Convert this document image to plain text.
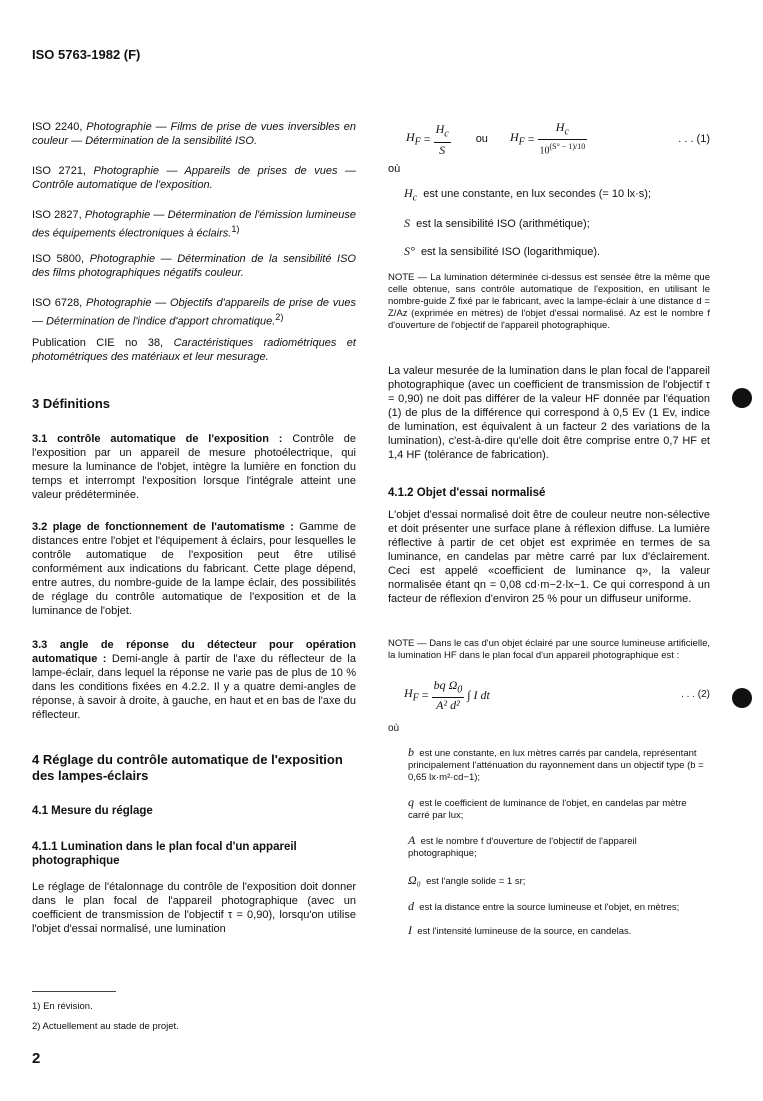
ISO 5763-1982 (F)

ISO 2240, Photographie — Films de prise de vues inversibles en couleur — Détermination de la sensibilité ISO.

ISO 2721, Photographie — Appareils de prises de vues — Contrôle automatique de l'exposition.

ISO 2827, Photographie — Détermination de l'émission lumineuse des équipements électroniques à éclairs.$^{1)}$

ISO 5800, Photographie — Détermination de la sensibilité ISO des films photographiques négatifs couleur.

ISO 6728, Photographie — Objectifs d'appareils de prise de vues — Détermination de l'indice d'apport chromatique.$^{2)}$

Publication CIE no 38, Caractéristiques radiométriques et photométriques des matériaux et leur mesurage.

3 Définitions

3.1 contrôle automatique de l'exposition : Contrôle de l'exposition par un appareil de mesure photoélectrique, qui mesure la luminance de l'objet, intègre la lumière en fonction du temps et interrompt l'exposition lorsque l'intégrale atteint une valeur prédéterminée.

3.2 plage de fonctionnement de l'automatisme : Gamme de distances entre l'objet et l'équipement à éclairs, pour lesquelles le contrôle automatique de l'exposition peut être utilisé conformément aux indications du fabricant. Cette plage dépend, entre autres, du nombre-guide de la lampe éclair, des possibilités de réglage du contrôle automatique de l'exposition et de la luminance de l'objet.

3.3 angle de réponse du détecteur pour opération automatique : Demi-angle à partir de l'axe du réflecteur de la lampe-éclair, dans lequel la réponse ne varie pas de plus de 10 % dans les conditions fixées en 4.2.2. Il y a quatre demi-angles de réponse, à savoir à droite, à gauche, en haut et en bas de l'axe du réflecteur.

4 Réglage du contrôle automatique de l'exposition des lampes-éclairs
4.1 Mesure du réglage
4.1.1 Lumination dans le plan focal d'un appareil photographique

Le réglage de l'étalonnage du contrôle de l'exposition doit donner dans le plan focal de l'appareil photographique (avec un coefficient de transmission de l'objectif τ = 0,90), lorsqu'on utilise l'objet d'essai normalisé, une lumination

$H_F = \frac{H_c}{S}$ ou $H_F = \frac{H_c}{10^{(S^\circ - 1)/10}}$	. . . (1)
où
$H_c$ est une constante, en lux secondes (= 10 lx·s);
S est la sensibilité ISO (arithmétique);
S° est la sensibilité ISO (logarithmique).

NOTE — La lumination déterminée ci-dessus est sensée être la même que celle obtenue, sans contrôle automatique de l'exposition, en utilisant le nombre-guide Z fixé par le fabricant, avec la lampe-éclair à une distance d = Z/Az (exprimée en mètres) de l'objet d'essai normalisé. Az est le nombre f d'ouverture de l'objectif de l'appareil photographique.

La valeur mesurée de la lumination dans le plan focal de l'appareil photographique (avec un coefficient de transmission de l'objectif τ = 0,90) ne doit pas différer de la valeur HF donnée par l'équation (1) de plus de la différence qui correspond à 0,5 Ev (1 Ev, indice de lumination, est équivalent à un facteur 2 des variations de la lumination), c'est-à-dire qu'elle doit être comprise entre 0,7 HF et 1,4 HF (tolérance de fabrication).

4.1.2 Objet d'essai normalisé

L'objet d'essai normalisé doit être de couleur neutre non-sélective et doit présenter une surface plane à réflexion diffuse. La lumière réflective à partir de cet objet est exprimée en termes de sa luminance, en candelas par mètre carré par lux d'éclairement. Ceci est appelé «coefficient de luminance q», la valeur normalisée étant qn = 0,08 cd·m−2·lx−1. Ce qui correspond à un facteur de réflexion d'environ 25 % pour un diffuseur uniforme.

NOTE — Dans le cas d'un objet éclairé par une source lumineuse artificielle, la lumination HF dans le plan focal d'un appareil photographique est :

$H_F = \frac{bq \Omega_0}{\text{A² d²}}$ ∫ I dt	. . . (2)
où
b est une constante, en lux mètres carrés par candela, représentant principalement l'atténuation du rayonnement dans un objectif type (b = 0,65 lx·m²·cd−1);
q est le coefficient de luminance de l'objet, en candelas par mètre carré par lux;
A est le nombre f d'ouverture de l'objectif de l'appareil photographique;
Ω₀ est l'angle solide = 1 sr;
d est la distance entre la source lumineuse et l'objet, en mètres;
I est l'intensité lumineuse de la source, en candelas.
1) En révision.
2) Actuellement au stade de projet.
2
